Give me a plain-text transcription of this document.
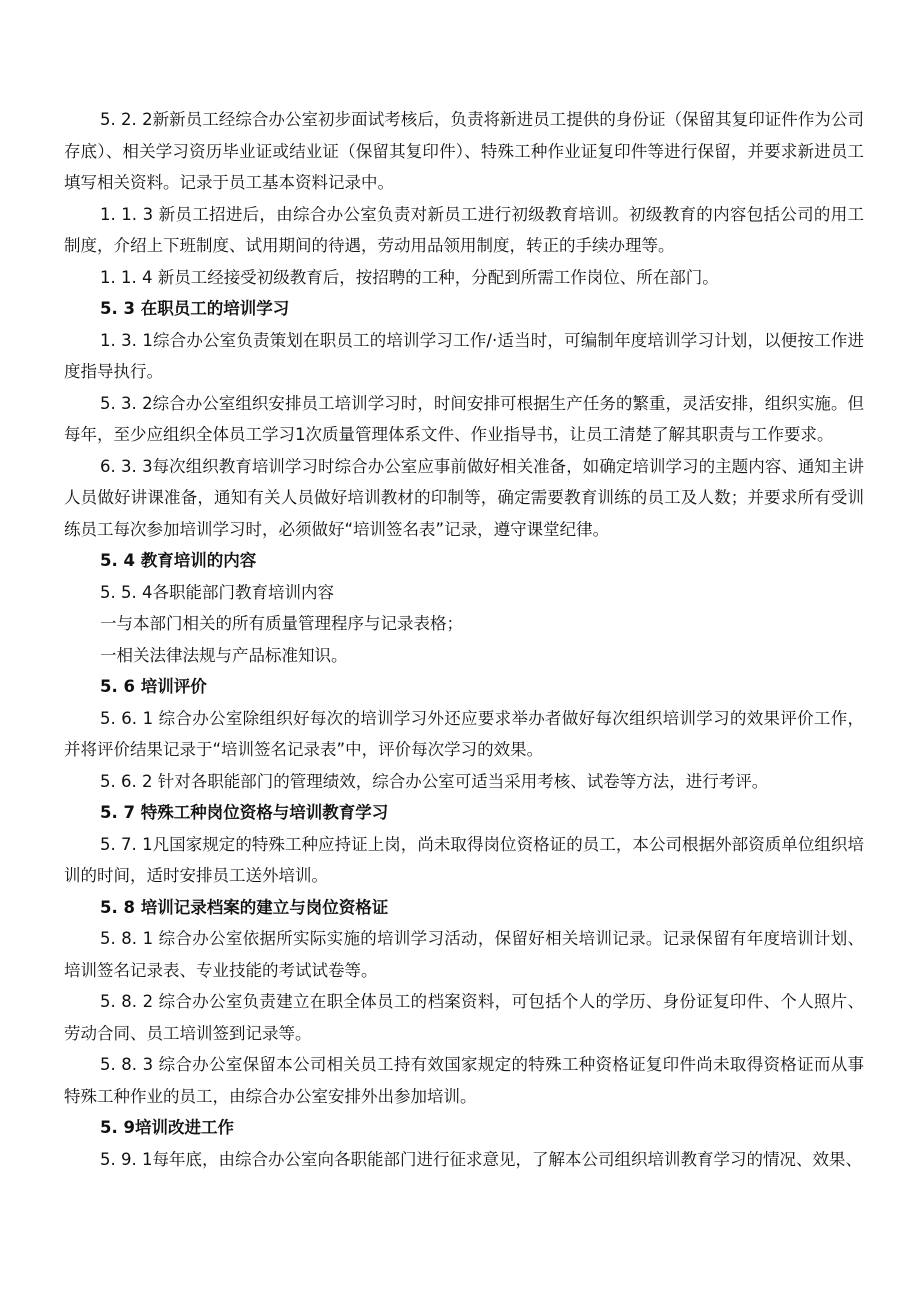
5. 2. 2新新员工经综合办公室初步面试考核后，负责将新进员工提供的身份证（保留其复印证件作为公司存底）、相关学习资历毕业证或结业证（保留其复印件）、特殊工种作业证复印件等进行保留，并要求新进员工填写相关资料。记录于员工基本资料记录中。

1. 1. 3 新员工招进后，由综合办公室负责对新员工进行初级教育培训。初级教育的内容包括公司的用工制度，介绍上下班制度、试用期间的待遇，劳动用品领用制度，转正的手续办理等。

1. 1. 4 新员工经接受初级教育后，按招聘的工种，分配到所需工作岗位、所在部门。

5. 3 在职员工的培训学习

1. 3. 1综合办公室负责策划在职员工的培训学习工作/·适当时，可编制年度培训学习计划，以便按工作进度指导执行。

5. 3. 2综合办公室组织安排员工培训学习时，时间安排可根据生产任务的繁重，灵活安排，组织实施。但每年，至少应组织全体员工学习1次质量管理体系文件、作业指导书，让员工清楚了解其职责与工作要求。

6. 3. 3每次组织教育培训学习时综合办公室应事前做好相关准备，如确定培训学习的主题内容、通知主讲人员做好讲课准备，通知有关人员做好培训教材的印制等，确定需要教育训练的员工及人数；并要求所有受训练员工每次参加培训学习时，必须做好“培训签名表”记录，遵守课堂纪律。

5. 4 教育培训的内容

5. 5. 4各职能部门教育培训内容

一与本部门相关的所有质量管理程序与记录表格；

一相关法律法规与产品标准知识。

5. 6 培训评价

5. 6. 1 综合办公室除组织好每次的培训学习外还应要求举办者做好每次组织培训学习的效果评价工作，并将评价结果记录于“培训签名记录表”中，评价每次学习的效果。

5. 6. 2 针对各职能部门的管理绩效，综合办公室可适当采用考核、试卷等方法，进行考评。

5. 7 特殊工种岗位资格与培训教育学习

5. 7. 1凡国家规定的特殊工种应持证上岗，尚未取得岗位资格证的员工，本公司根据外部资质单位组织培训的时间，适时安排员工送外培训。

5. 8 培训记录档案的建立与岗位资格证

5. 8. 1 综合办公室依据所实际实施的培训学习活动，保留好相关培训记录。记录保留有年度培训计划、培训签名记录表、专业技能的考试试卷等。

5. 8. 2 综合办公室负责建立在职全体员工的档案资料，可包括个人的学历、身份证复印件、个人照片、劳动合同、员工培训签到记录等。

5. 8. 3 综合办公室保留本公司相关员工持有效国家规定的特殊工种资格证复印件尚未取得资格证而从事特殊工种作业的员工，由综合办公室安排外出参加培训。

5. 9培训改进工作

5. 9. 1每年底，由综合办公室向各职能部门进行征求意见，了解本公司组织培训教育学习的情况、效果、
